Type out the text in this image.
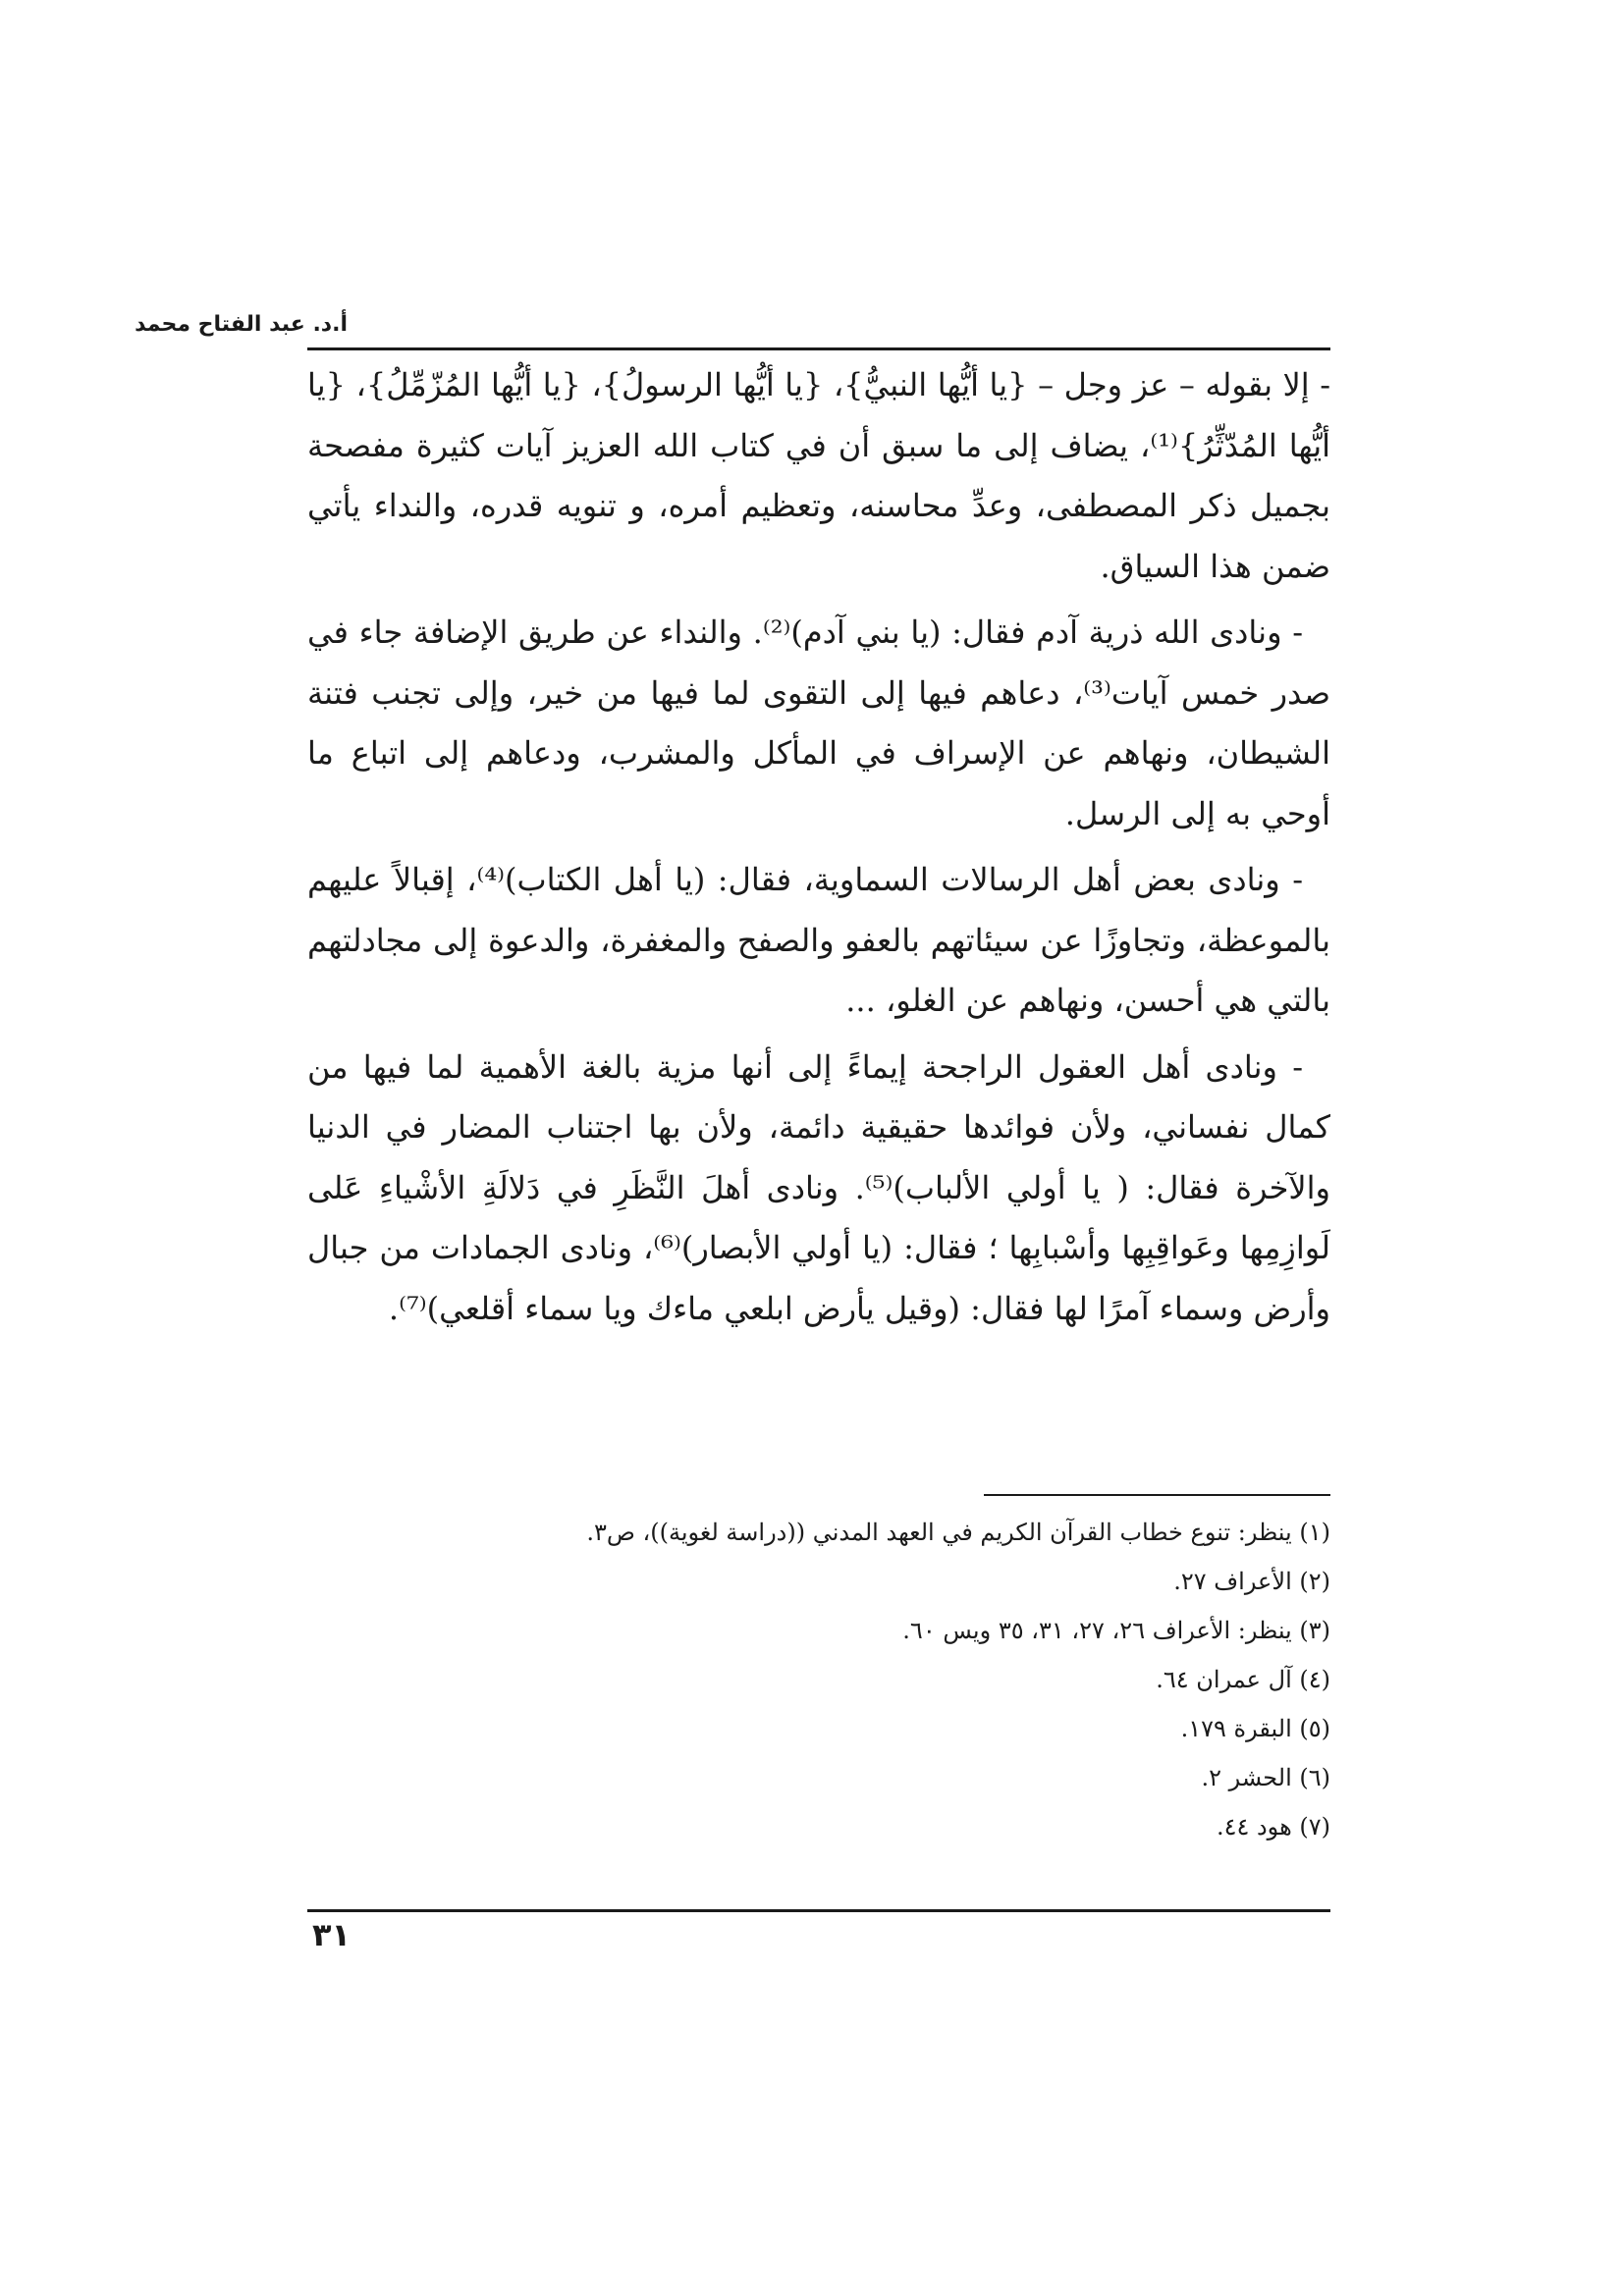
أ.د. عبد الفتاح محمد

- إلا بقوله – عز وجل – {يا أيُّها النبيُّ}، {يا أيُّها الرسولُ}، {يا أيُّها المُزّمِّلُ}، {يا أيُّها المُدّثِّرُ}⁽¹⁾، يضاف إلى ما سبق أن في كتاب الله العزيز آيات كثيرة مفصحة بجميل ذكر المصطفى، وعدِّ محاسنه، وتعظيم أمره، و تنويه قدره، والنداء يأتي ضمن هذا السياق.

- ونادى الله ذرية آدم فقال: (يا بني آدم)⁽²⁾. والنداء عن طريق الإضافة جاء في صدر خمس آيات⁽³⁾، دعاهم فيها إلى التقوى لما فيها من خير، وإلى تجنب فتنة الشيطان، ونهاهم عن الإسراف في المأكل والمشرب، ودعاهم إلى اتباع ما أوحي به إلى الرسل.

- ونادى بعض أهل الرسالات السماوية، فقال: (يا أهل الكتاب)⁽⁴⁾، إقبالاً عليهم بالموعظة، وتجاوزًا عن سيئاتهم بالعفو والصفح والمغفرة، والدعوة إلى مجادلتهم بالتي هي أحسن، ونهاهم عن الغلو، ...

- ونادى أهل العقول الراجحة إيماءً إلى أنها مزية بالغة الأهمية لما فيها من كمال نفساني، ولأن فوائدها حقيقية دائمة، ولأن بها اجتناب المضار في الدنيا والآخرة فقال: ( يا أولي الألباب)⁽⁵⁾. ونادى أهلَ النَّظَرِ في دَلالَةِ الأشْياءِ عَلى لَوازِمِها وعَواقِبِها وأسْبابِها ؛ فقال: (يا أولي الأبصار)⁽⁶⁾، ونادى الجمادات من جبال وأرض وسماء آمرًا لها فقال: (وقيل يأرض ابلعي ماءك ويا سماء أقلعي)⁽⁷⁾.

(١) ينظر: تنوع خطاب القرآن الكريم في العهد المدني ((دراسة لغوية))، ص٣.
(٢) الأعراف ٢٧.
(٣) ينظر: الأعراف ٢٦، ٢٧، ٣١، ٣٥ ويس ٦٠.
(٤) آل عمران ٦٤.
(٥) البقرة ١٧٩.
(٦) الحشر ٢.
(٧) هود ٤٤.
٣١
